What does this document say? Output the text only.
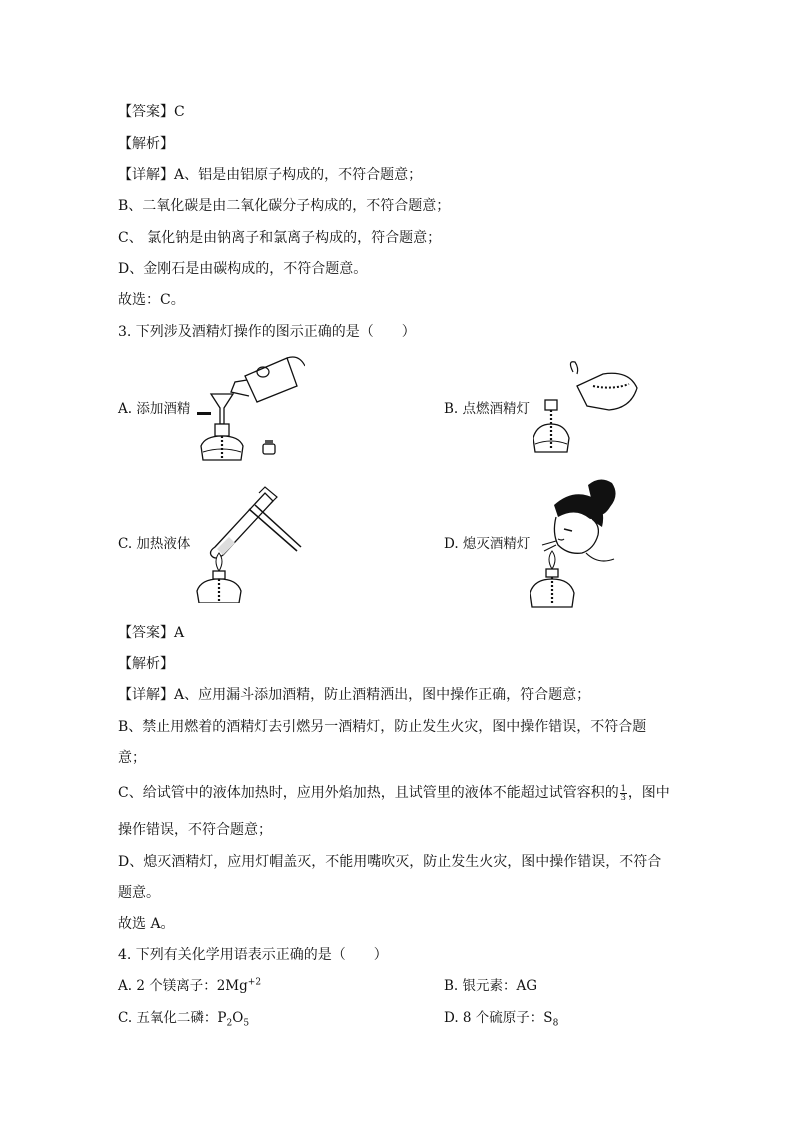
【答案】C
【解析】
【详解】A、铝是由铝原子构成的，不符合题意；
B、二氧化碳是由二氧化碳分子构成的，不符合题意；
C、 氯化钠是由钠离子和氯离子构成的，符合题意；
D、金刚石是由碳构成的，不符合题意。
故选：C。
3. 下列涉及酒精灯操作的图示正确的是（　　）
A. 添加酒精	B. 点燃酒精灯
C. 加热液体	D. 熄灭酒精灯
【答案】A
【解析】
【详解】A、应用漏斗添加酒精，防止酒精洒出，图中操作正确，符合题意；
B、禁止用燃着的酒精灯去引燃另一酒精灯，防止发生火灾，图中操作错误，不符合题
意；
C、给试管中的液体加热时，应用外焰加热，且试管里的液体不能超过试管容积的 $\frac{1}{3}$ ，图中
操作错误，不符合题意；
D、熄灭酒精灯，应用灯帽盖灭，不能用嘴吹灭，防止发生火灾，图中操作错误，不符合
题意。
故选 A。
4. 下列有关化学用语表示正确的是（　　）
A. 2 个镁离子：$2Mg^{+2}$	B. 银元素：AG
C. 五氧化二磷：$P_2O_5$	D. 8 个硫原子：$S_8$
